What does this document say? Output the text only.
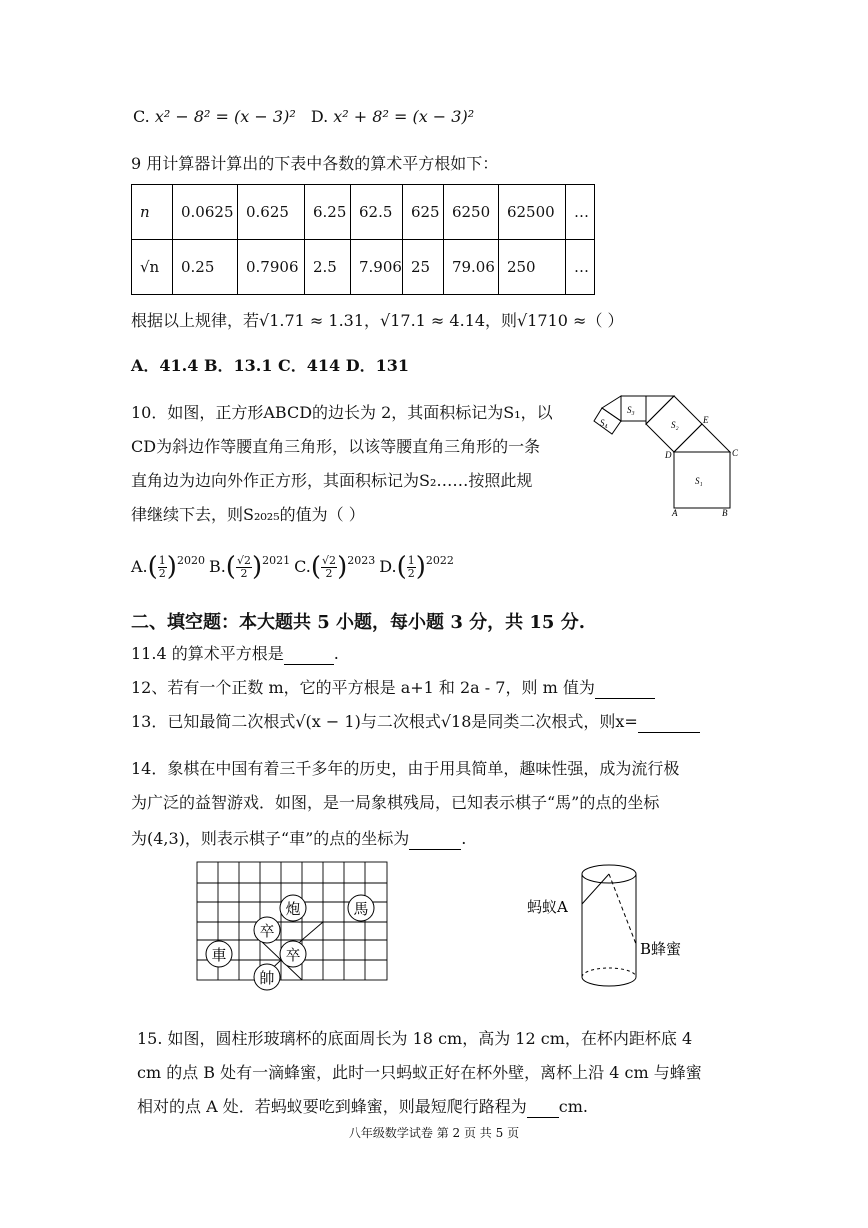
C. x² − 8² = (x − 3)² D. x² + 8² = (x − 3)²
9 用计算器计算出的下表中各数的算术平方根如下：
n	0.0625	0.625	6.25	62.5	625	6250	62500	…
√n	0.25	0.7906	2.5	7.906	25	79.06	250	…
根据以上规律，若√1.71 ≈ 1.31，√17.1 ≈ 4.14，则√1710 ≈（ ）
A．41.4 B．13.1 C．414 D．131
10．如图，正方形ABCD的边长为 2，其面积标记为S₁，以
CD为斜边作等腰直角三角形，以该等腰直角三角形的一条
直角边为边向外作正方形，其面积标记为S₂……按照此规
律继续下去，则S₂₀₂₅的值为（ ）
S₁
S₂
S₃
S₄
A	B
C
D
E
A. ( $\frac{1}{2} )^{2020}$ B. ( $\frac{√2}{2} )^{2021}$ C. ( $\frac{√2}{2} )^{2023}$ D. ( $\frac{1}{2} )^{2022}$
二、填空题：本大题共 5 小题，每小题 3 分，共 15 分.
11.4 的算术平方根是	.
12、若有一个正数 m，它的平方根是 a+1 和 2a - 7，则 m 值为
13．已知最简二次根式√(x − 1)与二次根式√18是同类二次根式，则x=
14．象棋在中国有着三千多年的历史，由于用具简单，趣味性强，成为流行极
为广泛的益智游戏．如图，是一局象棋残局，已知表示棋子“馬”的点的坐标
为(4,3)，则表示棋子“車”的点的坐标为	.
炮	馬
卒
車	卒
帥
蚂蚁A
B蜂蜜
15. 如图，圆柱形玻璃杯的底面周长为 18 cm，高为 12 cm，在杯内距杯底 4
cm 的点 B 处有一滴蜂蜜，此时一只蚂蚁正好在杯外壁，离杯上沿 4 cm 与蜂蜜
相对的点 A 处．若蚂蚁要吃到蜂蜜，则最短爬行路程为 cm.
八年级数学试卷 第 2 页 共 5 页
